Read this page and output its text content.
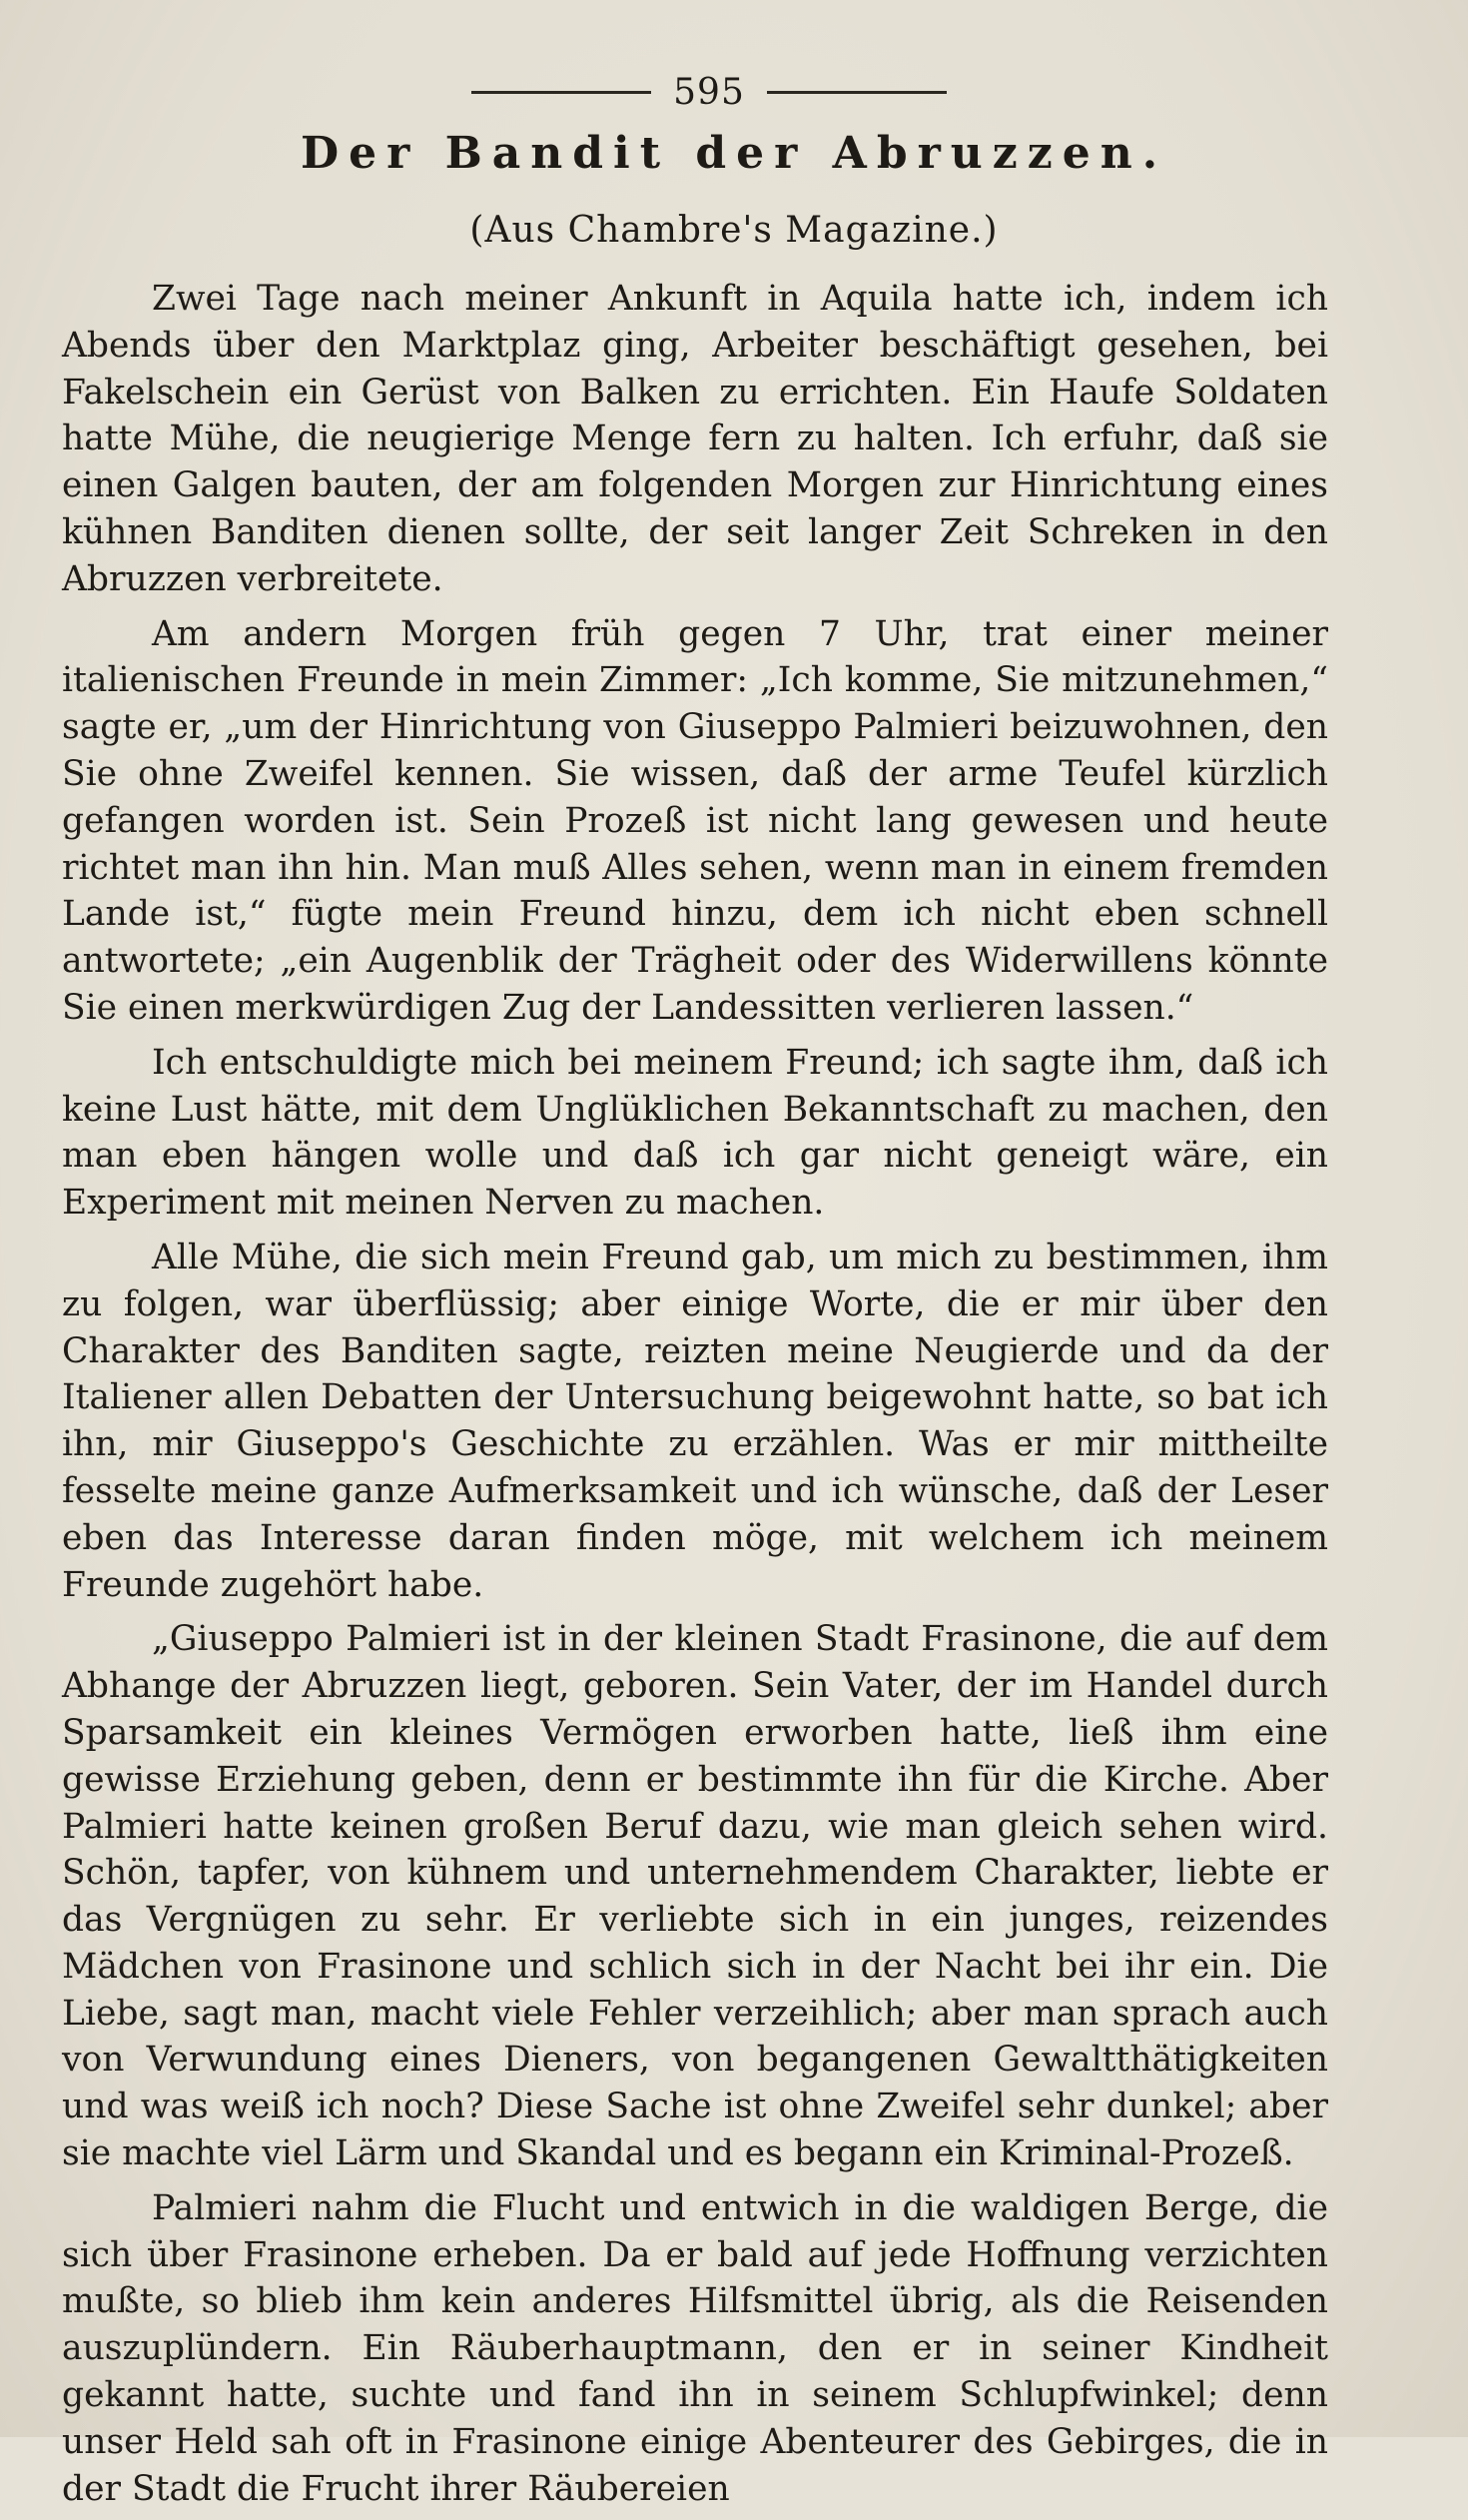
595
Der Bandit der Abruzzen.
(Aus Chambre's Magazine.)

Zwei Tage nach meiner Ankunft in Aquila hatte ich, indem ich Abends über den Marktplaz ging, Arbeiter beschäftigt gesehen, bei Fakelschein ein Gerüst von Balken zu errichten. Ein Haufe Soldaten hatte Mühe, die neugierige Menge fern zu halten. Ich erfuhr, daß sie einen Galgen bauten, der am folgenden Morgen zur Hinrichtung eines kühnen Banditen dienen sollte, der seit langer Zeit Schreken in den Abruzzen verbreitete.

Am andern Morgen früh gegen 7 Uhr, trat einer meiner italienischen Freunde in mein Zimmer: „Ich komme, Sie mitzunehmen,“ sagte er, „um der Hinrichtung von Giuseppo Palmieri beizuwohnen, den Sie ohne Zweifel kennen. Sie wissen, daß der arme Teufel kürzlich gefangen worden ist. Sein Prozeß ist nicht lang gewesen und heute richtet man ihn hin. Man muß Alles sehen, wenn man in einem fremden Lande ist,“ fügte mein Freund hinzu, dem ich nicht eben schnell antwortete; „ein Augenblik der Trägheit oder des Widerwillens könnte Sie einen merkwürdigen Zug der Landessitten verlieren lassen.“

Ich entschuldigte mich bei meinem Freund; ich sagte ihm, daß ich keine Lust hätte, mit dem Unglüklichen Bekanntschaft zu machen, den man eben hängen wolle und daß ich gar nicht geneigt wäre, ein Experiment mit meinen Nerven zu machen.

Alle Mühe, die sich mein Freund gab, um mich zu bestimmen, ihm zu folgen, war überflüssig; aber einige Worte, die er mir über den Charakter des Banditen sagte, reizten meine Neugierde und da der Italiener allen Debatten der Untersuchung beigewohnt hatte, so bat ich ihn, mir Giuseppo's Geschichte zu erzählen. Was er mir mittheilte fesselte meine ganze Aufmerksamkeit und ich wünsche, daß der Leser eben das Interesse daran finden möge, mit welchem ich meinem Freunde zugehört habe.

„Giuseppo Palmieri ist in der kleinen Stadt Frasinone, die auf dem Abhange der Abruzzen liegt, geboren. Sein Vater, der im Handel durch Sparsamkeit ein kleines Vermögen erworben hatte, ließ ihm eine gewisse Erziehung geben, denn er bestimmte ihn für die Kirche. Aber Palmieri hatte keinen großen Beruf dazu, wie man gleich sehen wird. Schön, tapfer, von kühnem und unternehmendem Charakter, liebte er das Vergnügen zu sehr. Er verliebte sich in ein junges, reizendes Mädchen von Frasinone und schlich sich in der Nacht bei ihr ein. Die Liebe, sagt man, macht viele Fehler verzeihlich; aber man sprach auch von Verwundung eines Dieners, von begangenen Gewaltthätigkeiten und was weiß ich noch? Diese Sache ist ohne Zweifel sehr dunkel; aber sie machte viel Lärm und Skandal und es begann ein Kriminal-Prozeß.

Palmieri nahm die Flucht und entwich in die waldigen Berge, die sich über Frasinone erheben. Da er bald auf jede Hoffnung verzichten mußte, so blieb ihm kein anderes Hilfsmittel übrig, als die Reisenden auszuplündern. Ein Räuberhauptmann, den er in seiner Kindheit gekannt hatte, suchte und fand ihn in seinem Schlupfwinkel; denn unser Held sah oft in Frasinone einige Abenteurer des Gebirges, die in der Stadt die Frucht ihrer Räubereien
